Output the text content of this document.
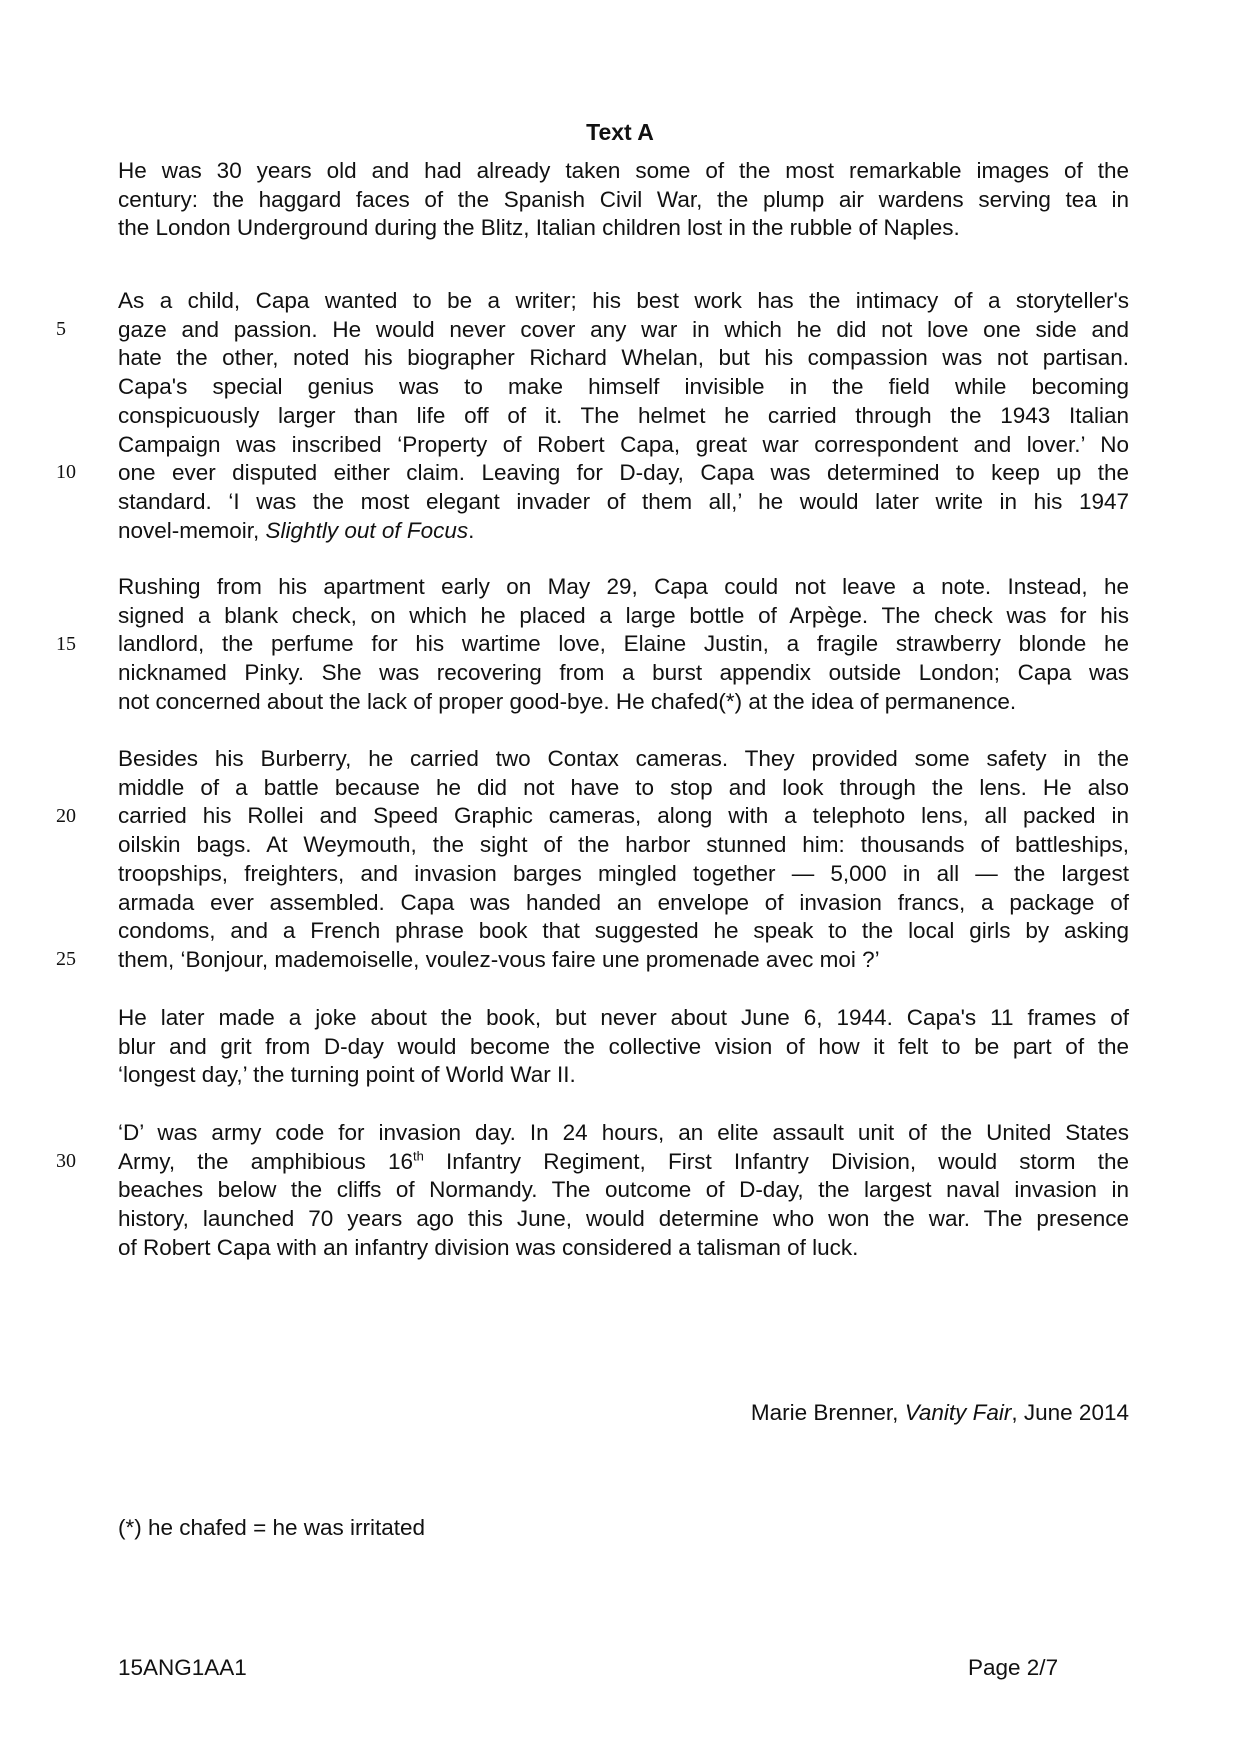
Text A
He was 30 years old and had already taken some of the most remarkable images of the
century: the haggard faces of the Spanish Civil War, the plump air wardens serving tea in
the London Underground during the Blitz, Italian children lost in the rubble of Naples.
As a child, Capa wanted to be a writer; his best work has the intimacy of a storyteller's
gaze and passion. He would never cover any war in which he did not love one side and
hate the other, noted his biographer Richard Whelan, but his compassion was not partisan.
Capa's special genius was to make himself invisible in the field while becoming
conspicuously larger than life off of it. The helmet he carried through the 1943 Italian
Campaign was inscribed ‘Property of Robert Capa, great war correspondent and lover.’ No
one ever disputed either claim. Leaving for D-day, Capa was determined to keep up the
standard. ‘I was the most elegant invader of them all,’ he would later write in his 1947
novel-memoir, Slightly out of Focus.
Rushing from his apartment early on May 29, Capa could not leave a note. Instead, he
signed a blank check, on which he placed a large bottle of Arpège. The check was for his
landlord, the perfume for his wartime love, Elaine Justin, a fragile strawberry blonde he
nicknamed Pinky. She was recovering from a burst appendix outside London; Capa was
not concerned about the lack of proper good-bye. He chafed(*) at the idea of permanence.
Besides his Burberry, he carried two Contax cameras. They provided some safety in the
middle of a battle because he did not have to stop and look through the lens. He also
carried his Rollei and Speed Graphic cameras, along with a telephoto lens, all packed in
oilskin bags. At Weymouth, the sight of the harbor stunned him: thousands of battleships,
troopships, freighters, and invasion barges mingled together — 5,000 in all — the largest
armada ever assembled. Capa was handed an envelope of invasion francs, a package of
condoms, and a French phrase book that suggested he speak to the local girls by asking
them, ‘Bonjour, mademoiselle, voulez-vous faire une promenade avec moi ?’
He later made a joke about the book, but never about June 6, 1944. Capa's 11 frames of
blur and grit from D-day would become the collective vision of how it felt to be part of the
‘longest day,’ the turning point of World War II.
‘D’ was army code for invasion day. In 24 hours, an elite assault unit of the United States
Army, the amphibious 16th Infantry Regiment, First Infantry Division, would storm the
beaches below the cliffs of Normandy. The outcome of D-day, the largest naval invasion in
history, launched 70 years ago this June, would determine who won the war. The presence
of Robert Capa with an infantry division was considered a talisman of luck.
5
10
15
20
25
30
Marie Brenner, Vanity Fair, June 2014
(*) he chafed = he was irritated
15ANG1AA1	Page 2/7
